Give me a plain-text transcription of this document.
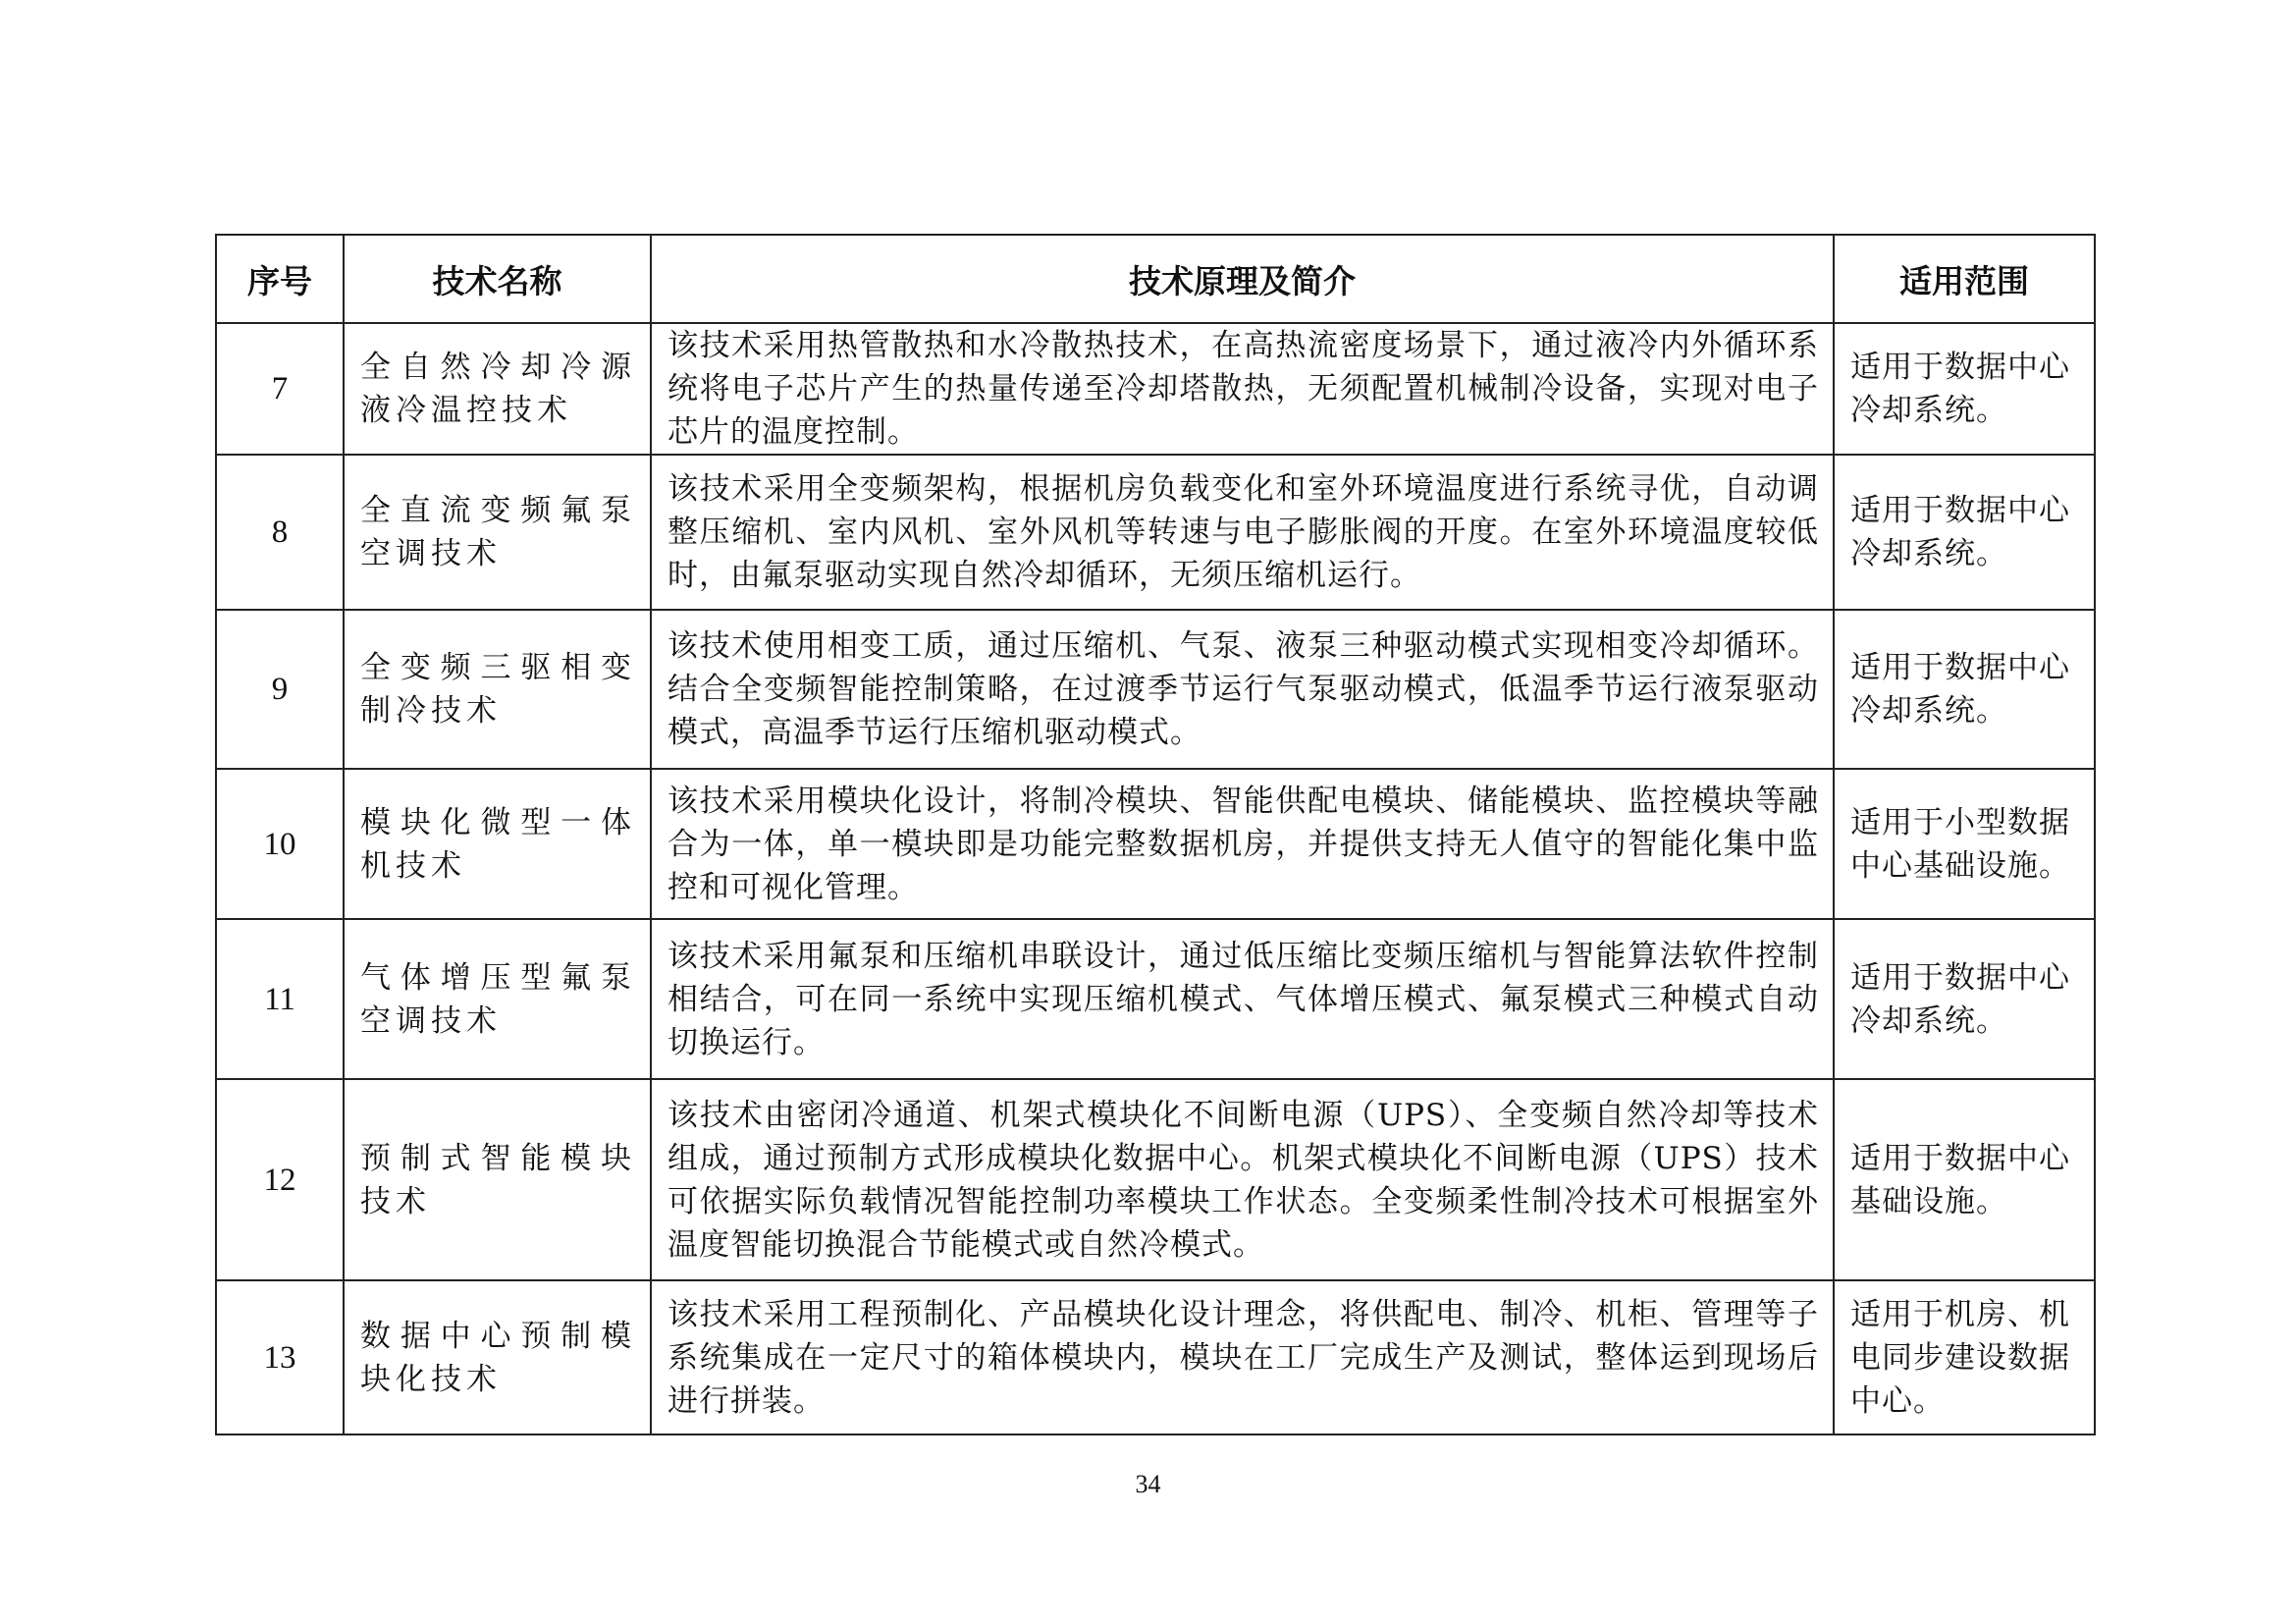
序号	技术名称	技术原理及简介	适用范围
7	全自然冷却冷源液冷温控技术	该技术采用热管散热和水冷散热技术，在高热流密度场景下，通过液冷内外循环系统将电子芯片产生的热量传递至冷却塔散热，无须配置机械制冷设备，实现对电子芯片的温度控制。	适用于数据中心冷却系统。
8	全直流变频氟泵空调技术	该技术采用全变频架构，根据机房负载变化和室外环境温度进行系统寻优，自动调整压缩机、室内风机、室外风机等转速与电子膨胀阀的开度。在室外环境温度较低时，由氟泵驱动实现自然冷却循环，无须压缩机运行。	适用于数据中心冷却系统。
9	全变频三驱相变制冷技术	该技术使用相变工质，通过压缩机、气泵、液泵三种驱动模式实现相变冷却循环。结合全变频智能控制策略，在过渡季节运行气泵驱动模式，低温季节运行液泵驱动模式，高温季节运行压缩机驱动模式。	适用于数据中心冷却系统。
10	模块化微型一体机技术	该技术采用模块化设计，将制冷模块、智能供配电模块、储能模块、监控模块等融合为一体，单一模块即是功能完整数据机房，并提供支持无人值守的智能化集中监控和可视化管理。	适用于小型数据中心基础设施。
11	气体增压型氟泵空调技术	该技术采用氟泵和压缩机串联设计，通过低压缩比变频压缩机与智能算法软件控制相结合，可在同一系统中实现压缩机模式、气体增压模式、氟泵模式三种模式自动切换运行。	适用于数据中心冷却系统。
12	预制式智能模块技术	该技术由密闭冷通道、机架式模块化不间断电源（UPS）、全变频自然冷却等技术组成，通过预制方式形成模块化数据中心。机架式模块化不间断电源（UPS）技术可依据实际负载情况智能控制功率模块工作状态。全变频柔性制冷技术可根据室外温度智能切换混合节能模式或自然冷模式。	适用于数据中心基础设施。
13	数据中心预制模块化技术	该技术采用工程预制化、产品模块化设计理念，将供配电、制冷、机柜、管理等子系统集成在一定尺寸的箱体模块内，模块在工厂完成生产及测试，整体运到现场后进行拼装。	适用于机房、机电同步建设数据中心。
34
